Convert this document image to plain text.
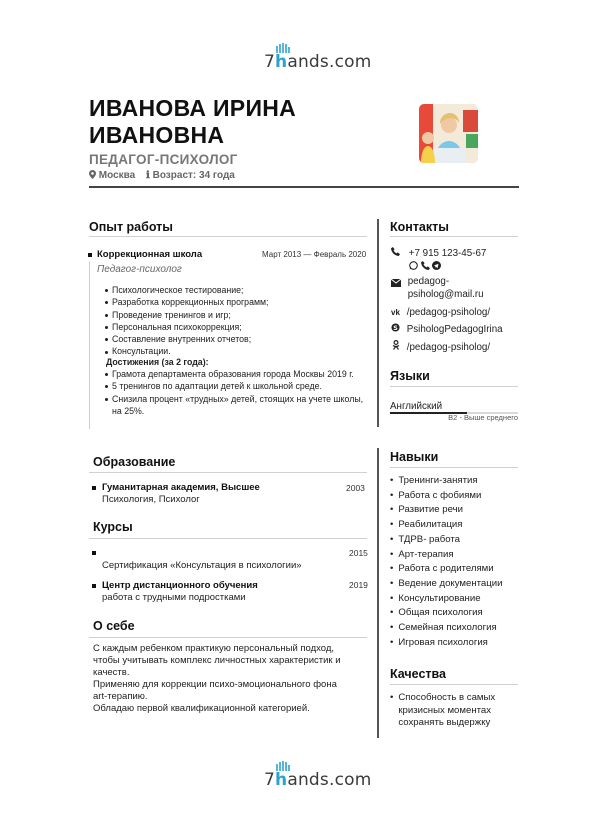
7
hands.com
ИВАНОВА ИРИНА
ИВАНОВНА
ПЕДАГОГ-ПСИХОЛОГ
Москва ℹ Возраст: 34 года
Опыт работы
Коррекционная школа	Март 2013 — Февраль 2020
Педагог-психолог
Психологическое тестирование;
Разработка коррекционных программ;
Проведение тренингов и игр;
Персональная психокоррекция;
Составление внутренних отчетов;
Консультации.
Достижения (за 2 года):
Грамота департамента образования города Москвы 2019 г.
5 тренингов по адаптации детей к школьной среде.
Снизила процент «трудных» детей, стоящих на учете школы, на 25%.
Образование
Гуманитарная академия, Высшее	2003
Психология, Психолог
Курсы
2015
Сертификация «Консультация в психологии»
Центр дистанционного обучения	2019
работа с трудными подростками
О себе
С каждым ребенком практикую персональный подход,
чтобы учитывать комплекс личностных характеристик и
качеств.
Применяю для коррекции психо-эмоционального фона
art-терапию.
Обладаю первой квалификационной категорией.
Контакты
+7 915 123-45-67

pedagog-
psiholog@mail.ru
vk /pedagog-psiholog/
S PsihologPedagogIrina
/pedagog-psiholog/
Языки
Английский
B2 - Выше среднего
Навыки
• Тренинги-занятия
• Работа с фобиями
• Развитие речи
• Реабилитация
• ТДРВ- работа
• Арт-терапия
• Работа с родителями
• Ведение документации
• Консультирование
• Общая психология
• Семейная психология
• Игровая психология
Качества
• Способность в самых
кризисных моментах
сохранять выдержку
7
hands.com
